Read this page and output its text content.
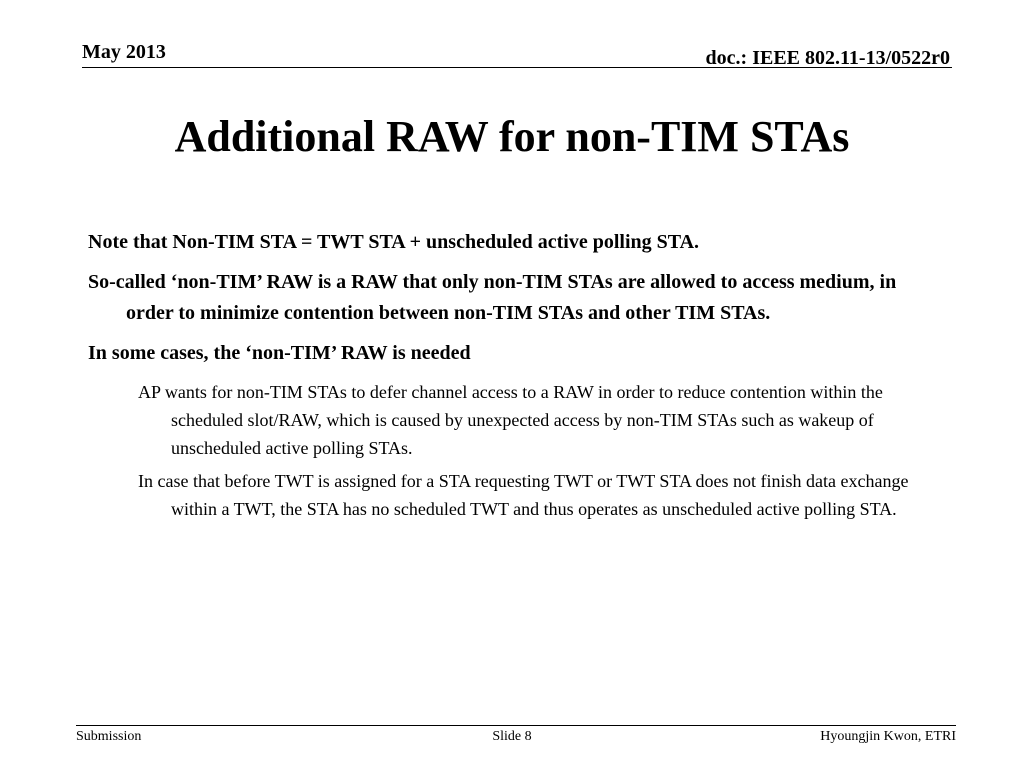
May 2013	doc.: IEEE 802.11-13/0522r0
Additional RAW for non-TIM STAs

Note that Non-TIM STA = TWT STA + unscheduled active polling STA.

So-called ‘non-TIM’ RAW is a RAW that only non-TIM STAs are allowed to access medium, in order to minimize contention between non-TIM STAs and other TIM STAs.

In some cases, the ‘non-TIM’ RAW is needed

AP wants for non-TIM STAs to defer channel access to a RAW in order to reduce contention within the scheduled slot/RAW, which is caused by unexpected access by non-TIM STAs such as wakeup of unscheduled active polling STAs.

In case that before TWT is assigned for a STA requesting TWT or TWT STA does not finish data exchange within a TWT, the STA has no scheduled TWT and thus operates as unscheduled active polling STA.

Submission	Slide 8	Hyoungjin Kwon, ETRI
